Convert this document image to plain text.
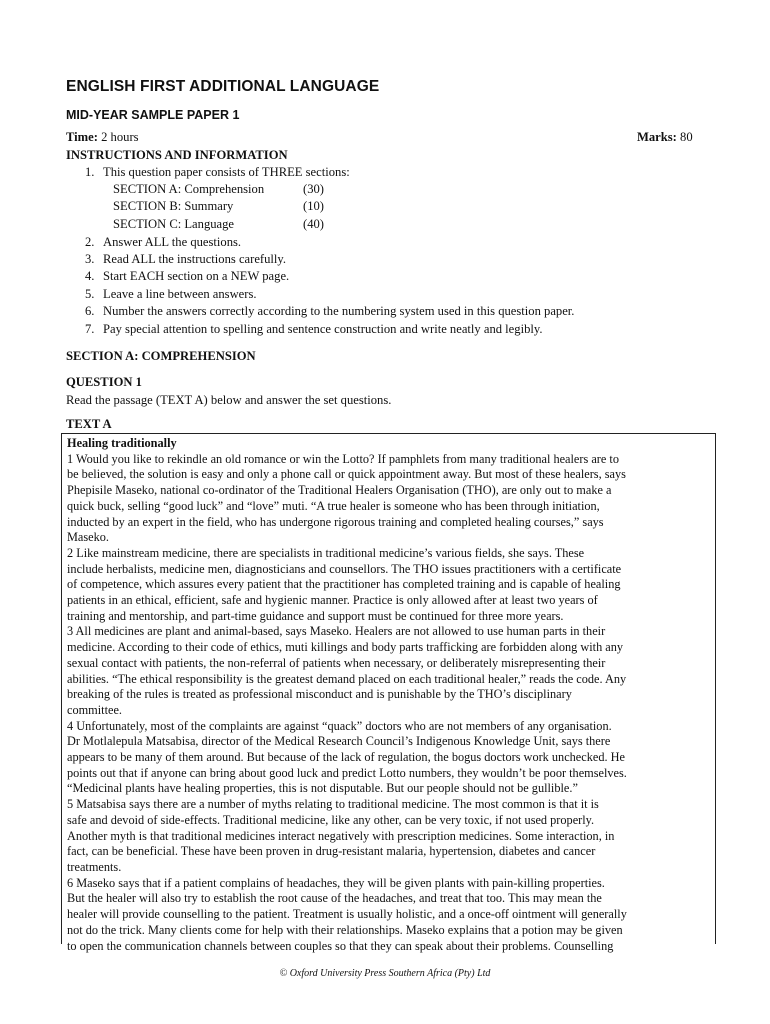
ENGLISH FIRST ADDITIONAL LANGUAGE
MID-YEAR SAMPLE PAPER 1
Time: 2 hours	Marks: 80
INSTRUCTIONS AND INFORMATION
1. This question paper consists of THREE sections:
2. Answer ALL the questions.
3. Read ALL the instructions carefully.
4. Start EACH section on a NEW page.
5. Leave a line between answers.
6. Number the answers correctly according to the numbering system used in this question paper.
7. Pay special attention to spelling and sentence construction and write neatly and legibly.
SECTION A: Comprehension	(30)
SECTION B: Summary	(10)
SECTION C: Language	(40)
SECTION A: COMPREHENSION
QUESTION 1
Read the passage (TEXT A) below and answer the set questions.
TEXT A
Healing traditionally
1 Would you like to rekindle an old romance or win the Lotto? If pamphlets from many traditional healers are to
be believed, the solution is easy and only a phone call or quick appointment away. But most of these healers, says
Phepisile Maseko, national co-ordinator of the Traditional Healers Organisation (THO), are only out to make a
quick buck, selling “good luck” and “love” muti. “A true healer is someone who has been through initiation,
inducted by an expert in the field, who has undergone rigorous training and completed healing courses,” says
Maseko.
2 Like mainstream medicine, there are specialists in traditional medicine’s various fields, she says. These
include herbalists, medicine men, diagnosticians and counsellors. The THO issues practitioners with a certificate
of competence, which assures every patient that the practitioner has completed training and is capable of healing
patients in an ethical, efficient, safe and hygienic manner. Practice is only allowed after at least two years of
training and mentorship, and part-time guidance and support must be continued for three more years.
3 All medicines are plant and animal-based, says Maseko. Healers are not allowed to use human parts in their
medicine. According to their code of ethics, muti killings and body parts trafficking are forbidden along with any
sexual contact with patients, the non-referral of patients when necessary, or deliberately misrepresenting their
abilities. “The ethical responsibility is the greatest demand placed on each traditional healer,” reads the code. Any
breaking of the rules is treated as professional misconduct and is punishable by the THO’s disciplinary
committee.
4 Unfortunately, most of the complaints are against “quack” doctors who are not members of any organisation.
Dr Motlalepula Matsabisa, director of the Medical Research Council’s Indigenous Knowledge Unit, says there
appears to be many of them around. But because of the lack of regulation, the bogus doctors work unchecked. He
points out that if anyone can bring about good luck and predict Lotto numbers, they wouldn’t be poor themselves.
“Medicinal plants have healing properties, this is not disputable. But our people should not be gullible.”
5 Matsabisa says there are a number of myths relating to traditional medicine. The most common is that it is
safe and devoid of side-effects. Traditional medicine, like any other, can be very toxic, if not used properly.
Another myth is that traditional medicines interact negatively with prescription medicines. Some interaction, in
fact, can be beneficial. These have been proven in drug-resistant malaria, hypertension, diabetes and cancer
treatments.
6 Maseko says that if a patient complains of headaches, they will be given plants with pain-killing properties.
But the healer will also try to establish the root cause of the headaches, and treat that too. This may mean the
healer will provide counselling to the patient. Treatment is usually holistic, and a once-off ointment will generally
not do the trick. Many clients come for help with their relationships. Maseko explains that a potion may be given
to open the communication channels between couples so that they can speak about their problems. Counselling
© Oxford University Press Southern Africa (Pty) Ltd
